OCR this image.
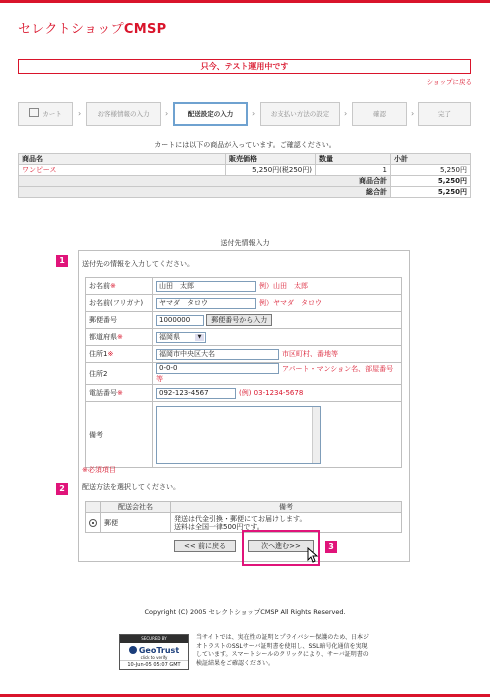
セレクトショップCMSP
只今、テスト運用中です
ショップに戻る
カート	›	お客様情報の入力	›	配送設定の入力	›	お支払い方法の設定	›	確認	›	完了
カートには以下の商品が入っています。ご確認ください。
商品名	販売価格	数量	小計
ワンピース	5,250円(税250円)	1	5,250円
商品合計			5,250円
総合計			5,250円
送付先情報入力
1	送付先の情報を入力してください。
お名前※	山田　太郎 例）山田　太郎
お名前(フリガナ)	ヤマダ　タロウ 例）ヤマダ　タロウ
郵便番号	1000000 郵便番号から入力
都道府県※	福岡県 ▼

住所1※	福岡市中央区大名 市区町村、番地等
住所2	0-0-0 アパート・マンション名、部屋番号等
電話番号※	092-123-4567 (例) 03-1234-5678
備考	
※必須項目
2	配送方法を選択してください。
	配送会社名	備考
	郵便	発送は代金引換・郵便にてお届けします。
送料は全国一律500円です。
<< 前に戻る	次へ進む>>	3
Copyright (C) 2005 セレクトショップCMSP All Rights Reserved.
SECURED BY
GeoTrust
click to verify
10-Jun-05 05:07 GMT
当サイトでは、実在性の証明とプライバシー保護のため、日本ジオトラストのSSLサーバ証明書を使用し、SSL暗号化通信を実現しています。スマートシールのクリックにより、サーバ証明書の検証結果をご確認ください。
